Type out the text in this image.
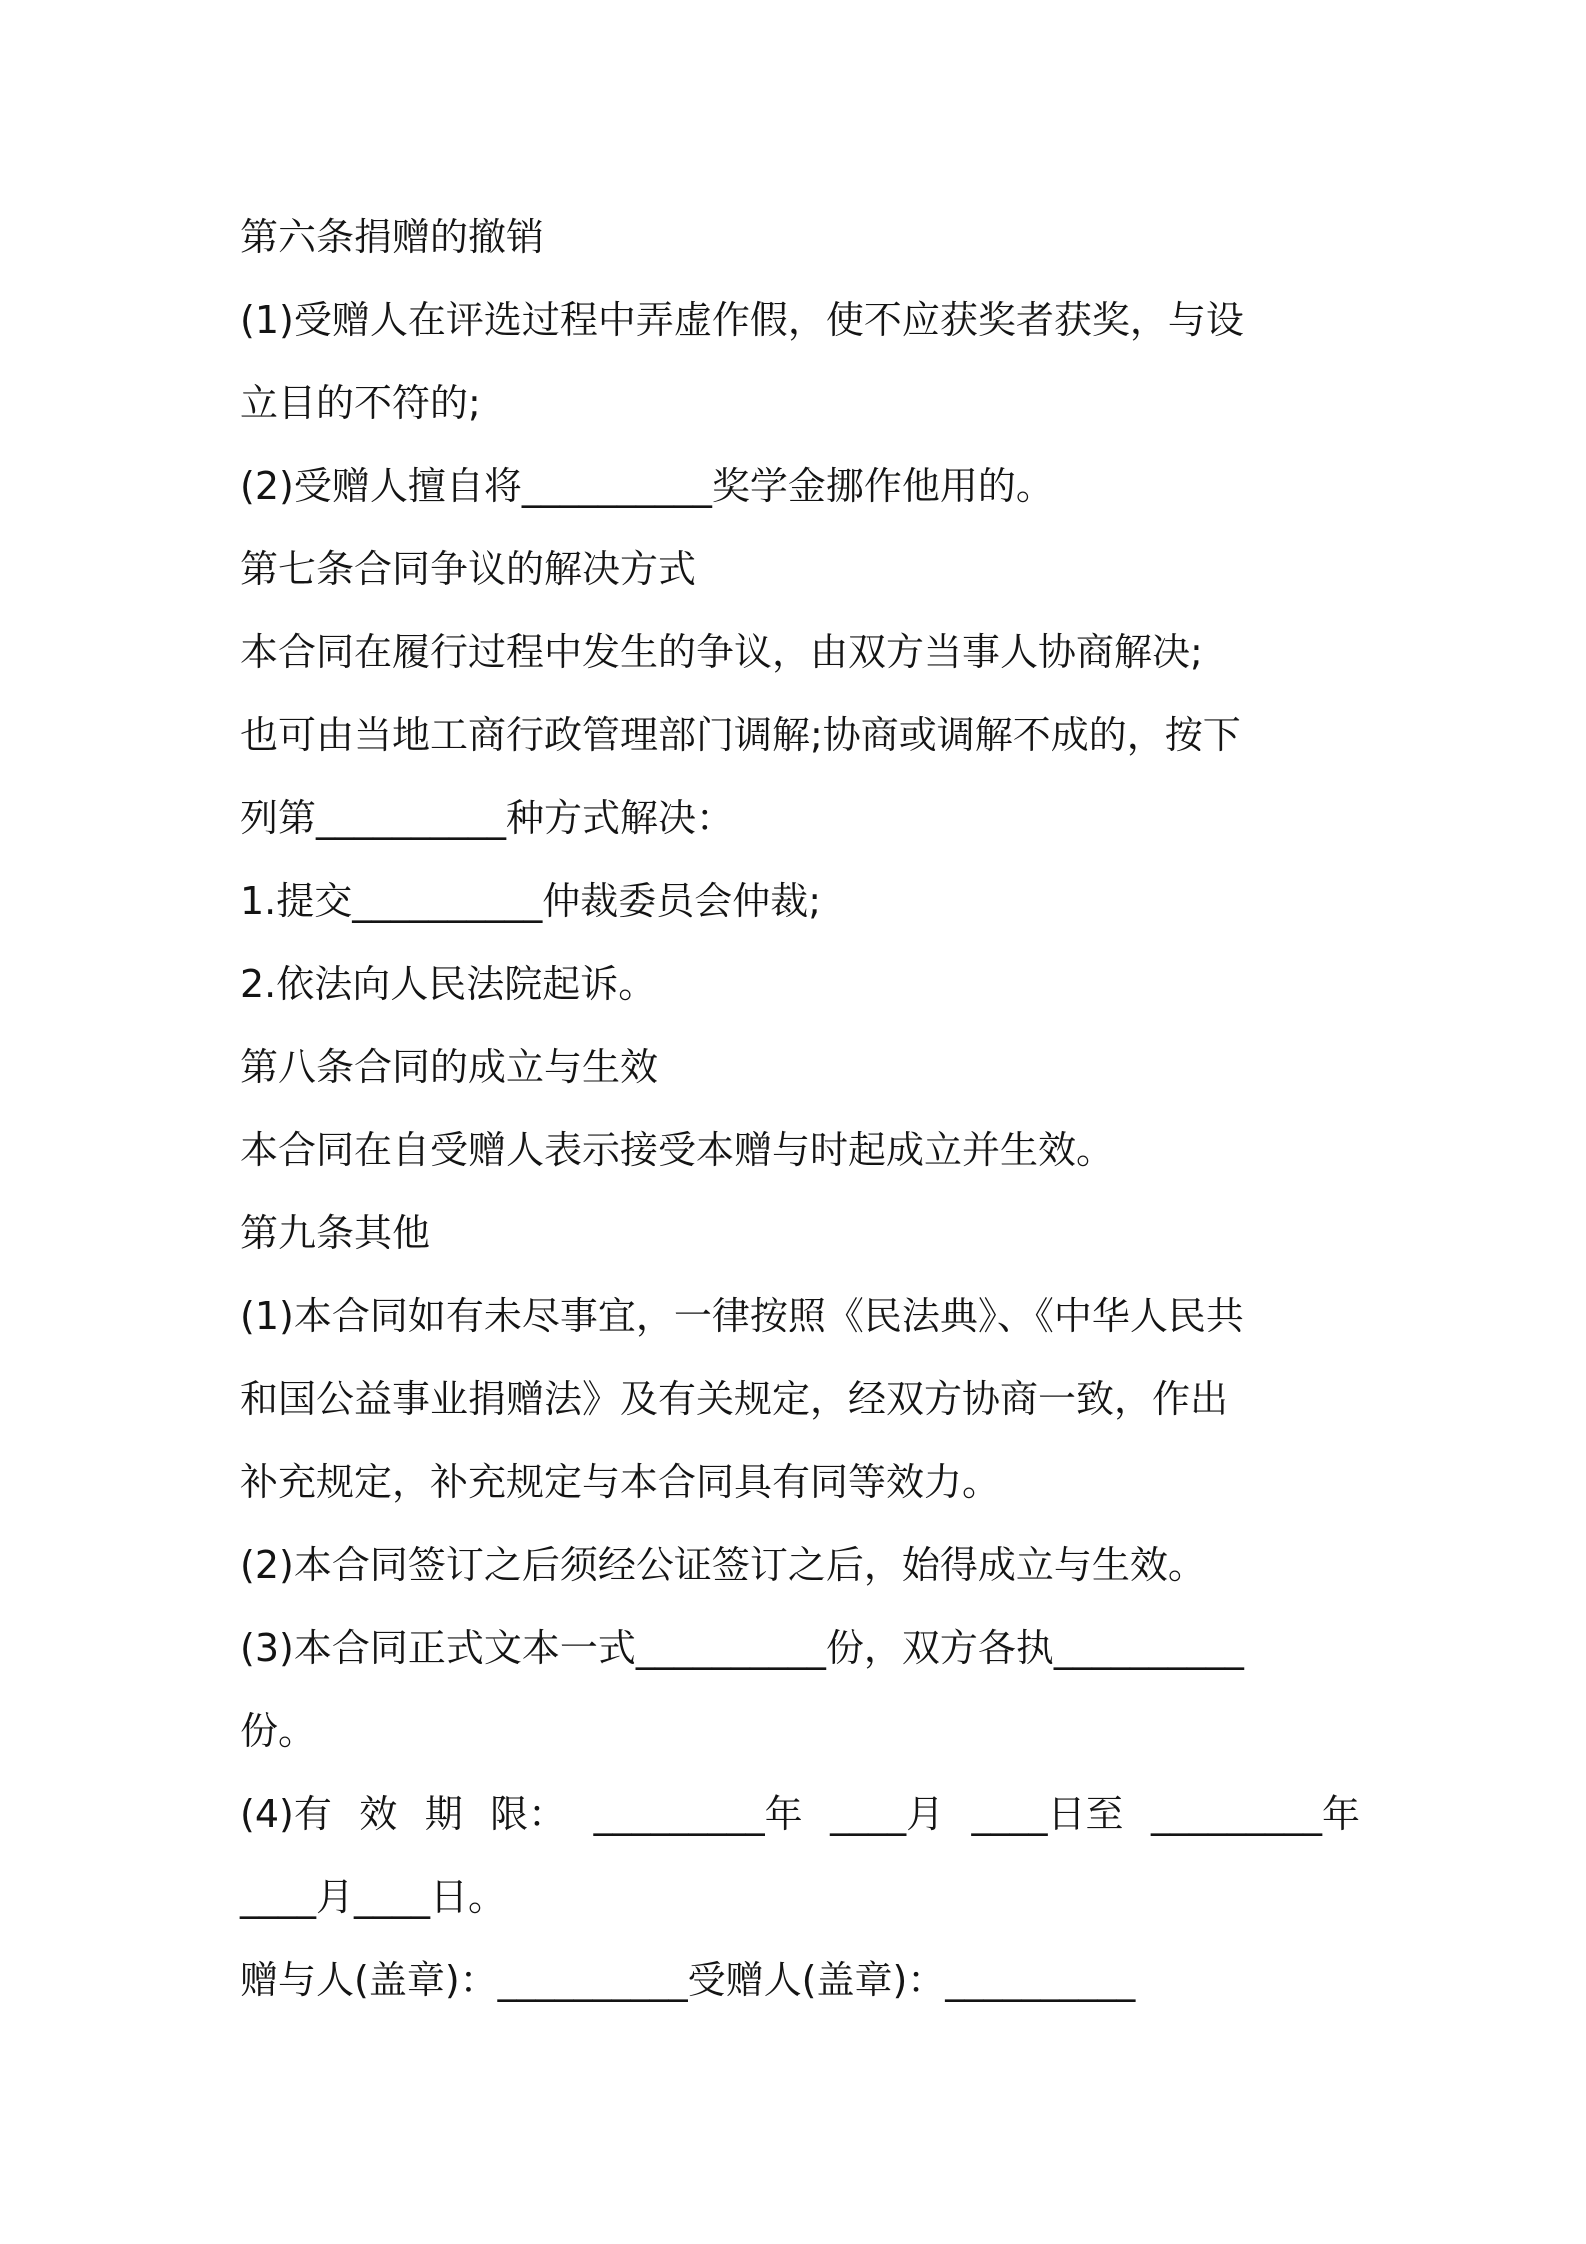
第六条捐赠的撤销
(1)受赠人在评选过程中弄虚作假，使不应获奖者获奖，与设
立目的不符的;
(2)受赠人擅自将__________奖学金挪作他用的。
第七条合同争议的解决方式
本合同在履行过程中发生的争议，由双方当事人协商解决;
也可由当地工商行政管理部门调解;协商或调解不成的，按下
列第__________种方式解决：
1.提交__________仲裁委员会仲裁;
2.依法向人民法院起诉。
第八条合同的成立与生效
本合同在自受赠人表示接受本赠与时起成立并生效。
第九条其他
(1)本合同如有未尽事宜，一律按照《民法典》、《中华人民共
和国公益事业捐赠法》及有关规定，经双方协商一致，作出
补充规定，补充规定与本合同具有同等效力。
(2)本合同签订之后须经公证签订之后，始得成立与生效。
(3)本合同正式文本一式__________份，双方各执__________
份。
(4)有 效 期 限： _________年 ____月 ____日至 _________年
____月____日。
赠与人(盖章)：__________受赠人(盖章)：__________
